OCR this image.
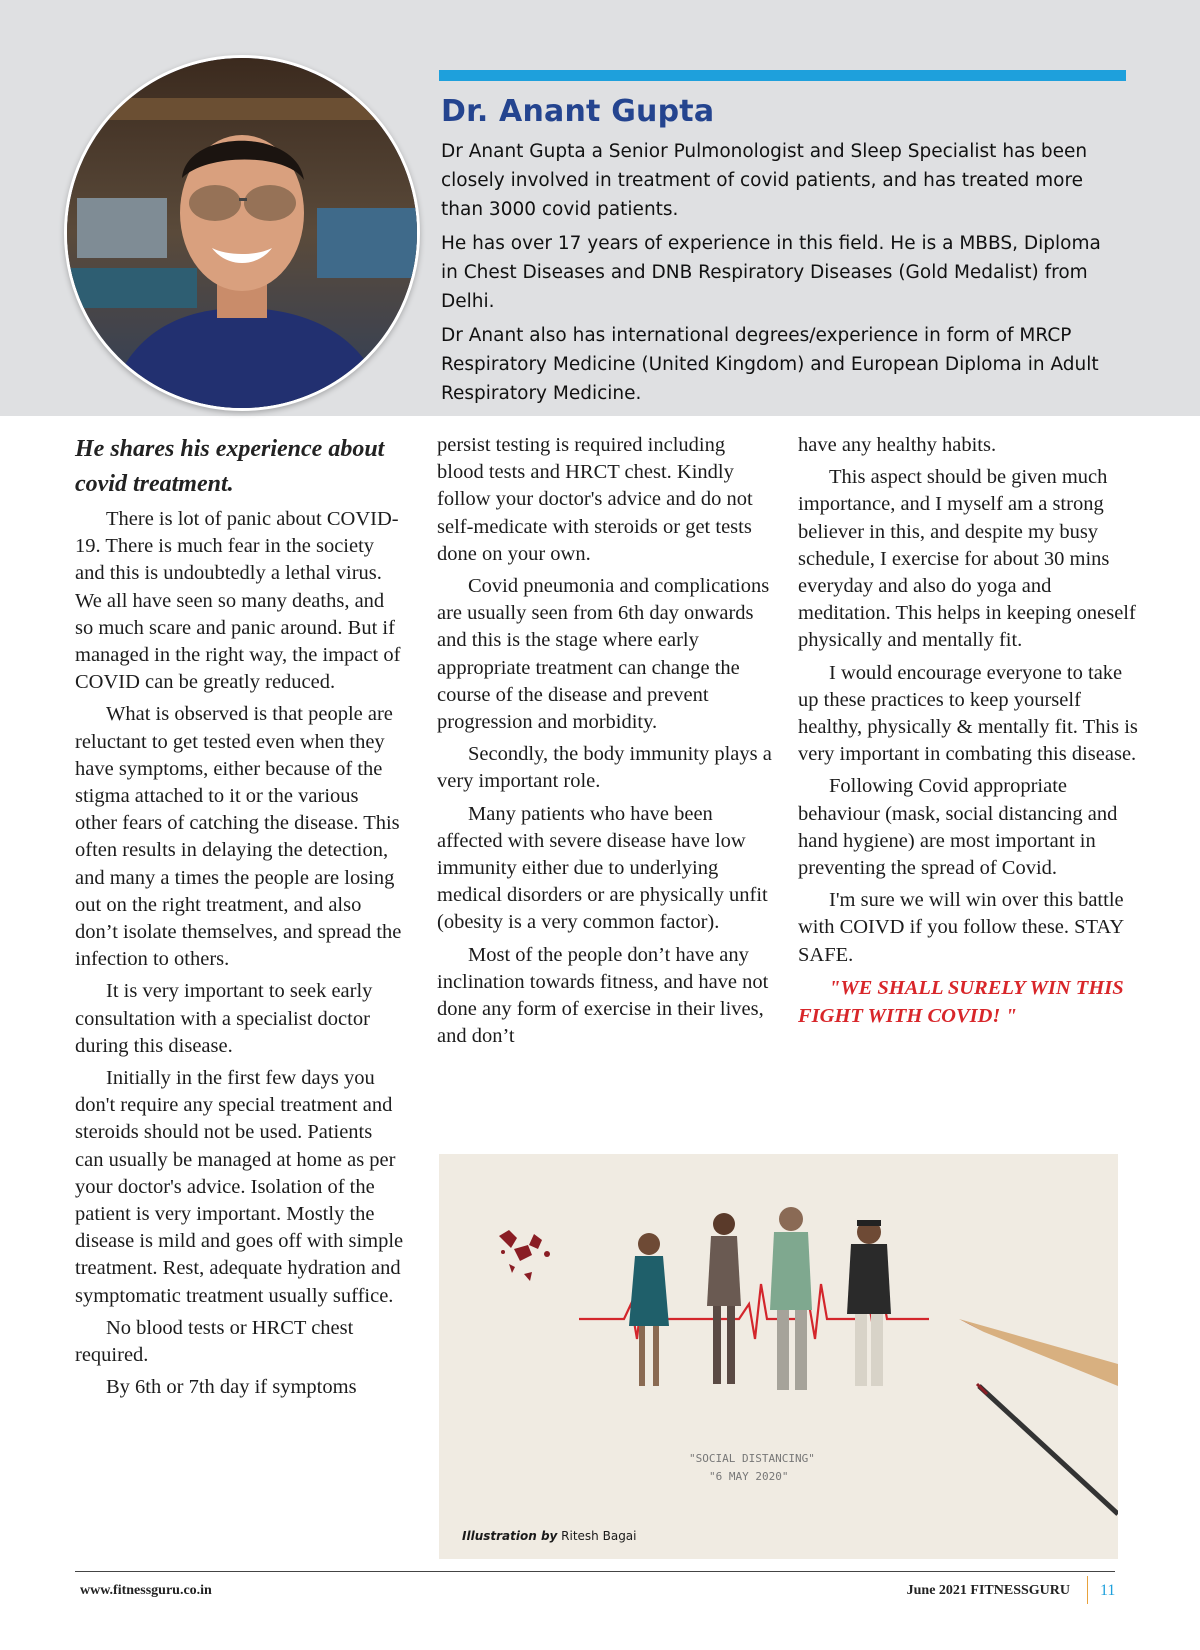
Dr. Anant Gupta

Dr Anant Gupta a Senior Pulmonologist and Sleep Specialist has been closely involved in treatment of covid patients, and has treated more than 3000 covid patients.

He has over 17 years of experience in this field. He is a MBBS, Diploma in Chest Diseases and DNB Respiratory Diseases (Gold Medalist) from Delhi.

Dr Anant also has international degrees/experience in form of MRCP Respiratory Medicine (United Kingdom) and European Diploma in Adult Respiratory Medicine.

He shares his experience about covid treatment.

There is lot of panic about COVID-19. There is much fear in the society and this is undoubtedly a lethal virus. We all have seen so many deaths, and so much scare and panic around. But if managed in the right way, the impact of COVID can be greatly reduced.

What is observed is that people are reluctant to get tested even when they have symptoms, either because of the stigma attached to it or the various other fears of catching the disease. This often results in delaying the detection, and many a times the people are losing out on the right treatment, and also don’t isolate themselves, and spread the infection to others.

It is very important to seek early consultation with a specialist doctor during this disease.

Initially in the first few days you don't require any special treatment and steroids should not be used. Patients can usually be managed at home as per your doctor's advice. Isolation of the patient is very important. Mostly the disease is mild and goes off with simple treatment. Rest, adequate hydration and symptomatic treatment usually suffice.

No blood tests or HRCT chest required.

By 6th or 7th day if symptoms

persist testing is required including blood tests and HRCT chest. Kindly follow your doctor's advice and do not self-medicate with steroids or get tests done on your own.

Covid pneumonia and complications are usually seen from 6th day onwards and this is the stage where early appropriate treatment can change the course of the disease and prevent progression and morbidity.

Secondly, the body immunity plays a very important role.

Many patients who have been affected with severe disease have low immunity either due to underlying medical disorders or are physically unfit (obesity is a very common factor).

Most of the people don’t have any inclination towards fitness, and have not done any form of exercise in their lives, and don’t

have any healthy habits.

This aspect should be given much importance, and I myself am a strong believer in this, and despite my busy schedule, I exercise for about 30 mins everyday and also do yoga and meditation. This helps in keeping oneself physically and mentally fit.

I would encourage everyone to take up these practices to keep yourself healthy, physically & mentally fit. This is very important in combating this disease.

Following Covid appropriate behaviour (mask, social distancing and hand hygiene) are most important in preventing the spread of Covid.

I'm sure we will win over this battle with COIVD if you follow these. STAY SAFE.

"WE SHALL SURELY WIN THIS FIGHT WITH COVID! "

"SOCIAL DISTANCING"
"6 MAY 2020"
Illustration by Ritesh Bagai
www.fitnessguru.co.in	June 2021 FITNESSGURU 11
